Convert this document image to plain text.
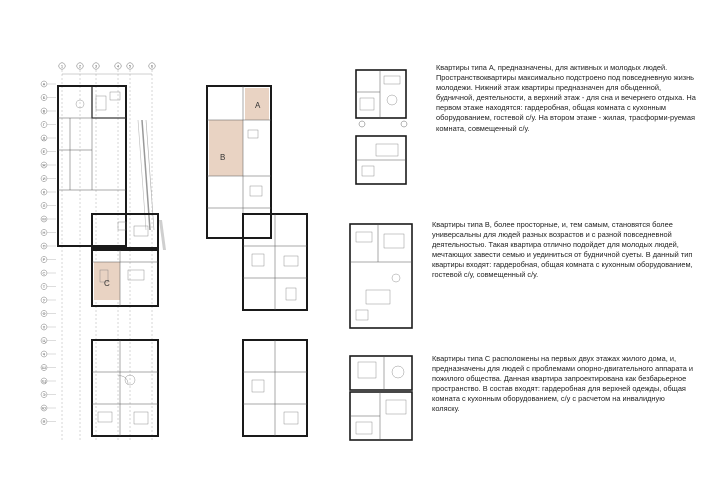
1	2	3	4 5	6
A
Б
В
Г
Д
Е
Ж
И
К
Л
М
Н
П
Р
С
Т
У
Ф
Х
Ц
Ч
Ш
Щ
Э
Ю
Я
C
A
B

Квартиры типа А, предназначены, для активных и молодых людей. Пространствоквартиры максимально подстроено под повседневную жизнь молодежи. Нижний этаж квартиры предназначен для обыденной, будничной, деятельности, а верхний этаж - для сна и вечернего отдыха. На первом этаже находятся: гардеробная, общая комната с кухонным оборудованием, гостевой с/у. На втором этаже - жилая, трасформи-руемая комната, совмещенный с/у.

Квартиры типа В, более просторные, и, тем самым, становятся более универсальны для людей разных возрастов и с разной повседневной деятельностью. Такая квартира отлично подойдет для молодых людей, мечтающих завести семью и уединиться от будничной суеты. В данный тип квартиры входят: гардеробная, общая комната с кухонным оборудованием, гостевой с/у, совмещенный с/у.

Квартиры типа С расположены на первых двух этажах жилого дома, и, предназначены для людей с проблемами опорно-двигательного аппарата и пожилого общества. Данная квартира запроектирована как безбарьерное пространство. В состав входят: гардеробная для верхней одежды, общая комната с кухонным оборудованием, с/у с расчетом на инвалидную коляску.
